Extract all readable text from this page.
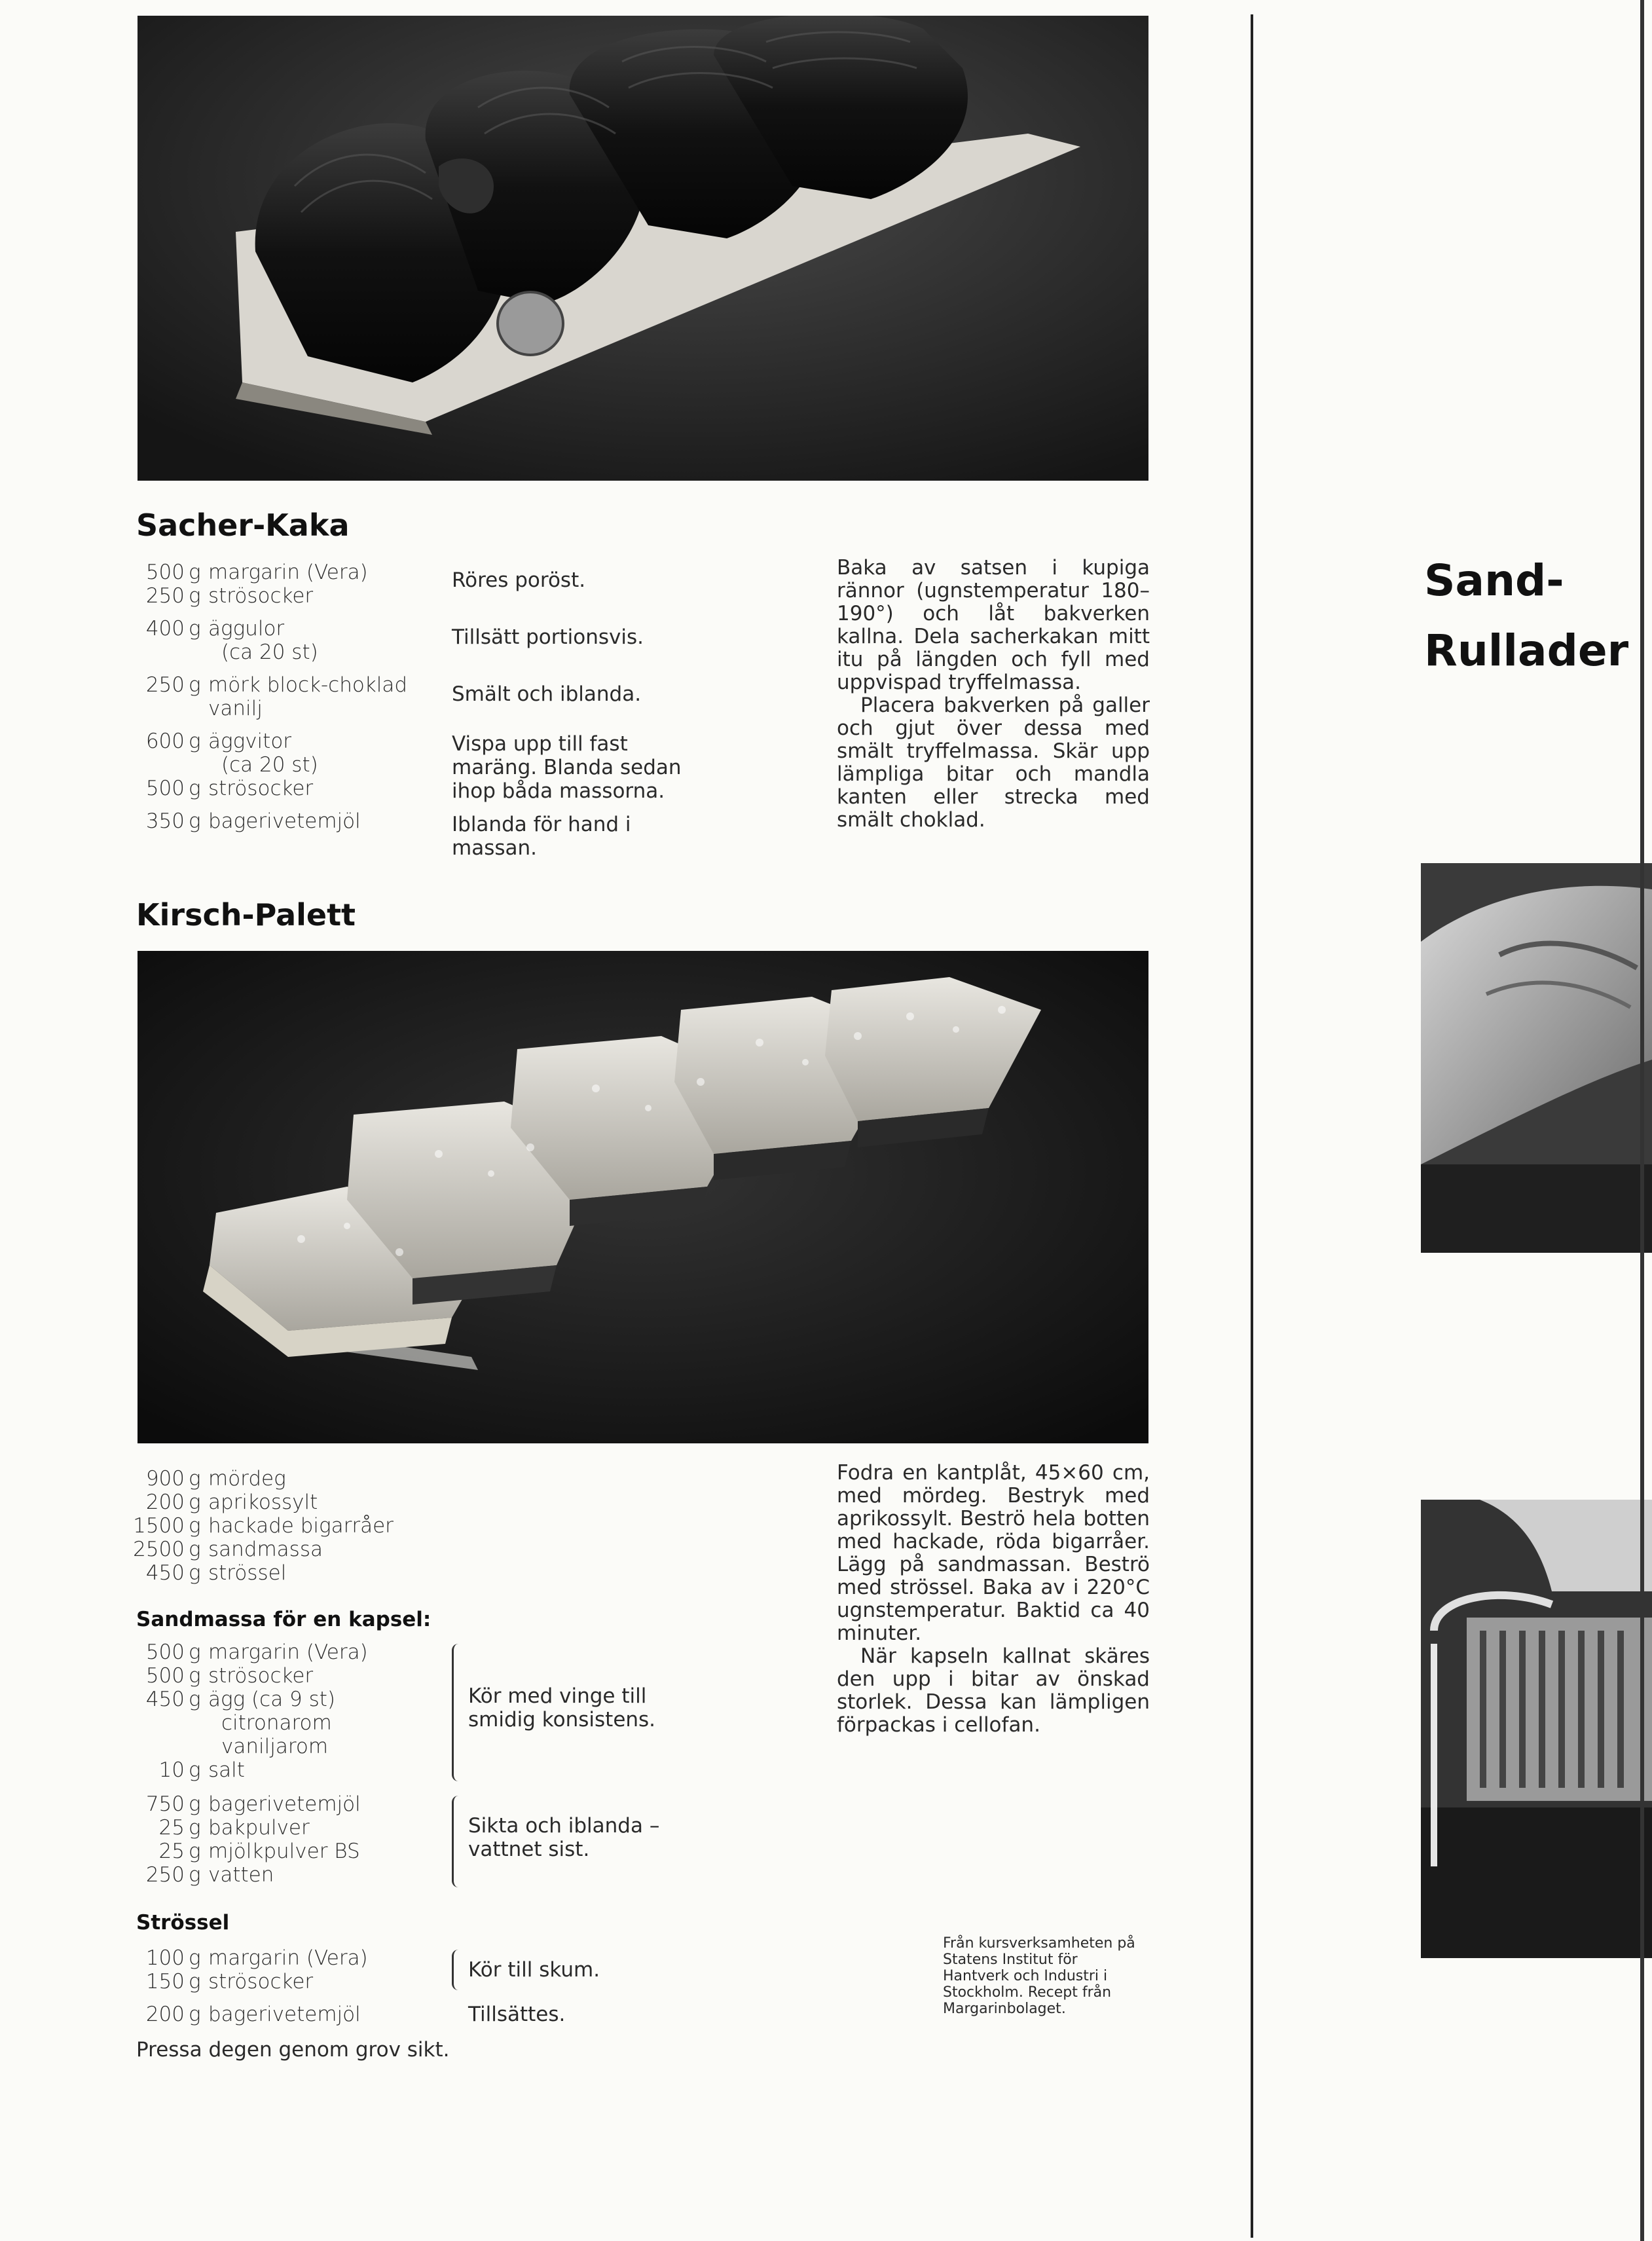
Sacher-Kaka
500 g margarin (Vera)
250 g strösocker
400 g äggulor
(ca 20 st)
250 g mörk block-choklad
vanilj
600 g äggvitor
(ca 20 st)
500 g strösocker
350 g bagerivetemjöl
Röres poröst.
Tillsätt portionsvis.
Smält och iblanda.
Vispa upp till fast maräng. Blanda sedan ihop båda massorna.
Iblanda för hand i massan.

Baka av satsen i kupiga rännor (ugnstemperatur 180–190°) och låt bakverken kallna. Dela sacherkakan mitt itu på längden och fyll med uppvispad tryffelmassa.

Placera bakverken på galler och gjut över dessa med smält tryffelmassa. Skär upp lämpliga bitar och mandla kanten eller strecka med smält choklad.

Kirsch-Palett
900 g mördeg
200 g aprikossylt
1500 g hackade bigarråer
2500 g sandmassa
450 g strössel
Sandmassa för en kapsel:
500 g margarin (Vera)
500 g strösocker
450 g ägg (ca 9 st)
citronarom
vaniljarom
10 g salt
Kör med vinge till smidig konsistens.
750 g bagerivetemjöl
25 g bakpulver
25 g mjölkpulver BS
250 g vatten
Sikta och iblanda – vattnet sist.
Strössel
100 g margarin (Vera)
150 g strösocker	Kör till skum.
200 g bagerivetemjöl	Tillsättes.
Pressa degen genom grov sikt.

Fodra en kantplåt, 45×60 cm, med mördeg. Bestryk med aprikossylt. Beströ hela botten med hackade, röda bigarråer. Lägg på sandmassan. Beströ med strössel. Baka av i 220°C ugnstemperatur. Baktid ca 40 minuter.

När kapseln kallnat skäres den upp i bitar av önskad storlek. Dessa kan lämpligen förpackas i cellofan.

Från kursverksamheten på Statens Institut för Hantverk och Industri i Stockholm. Recept från Margarinbolaget.
Sand-
Rullader
